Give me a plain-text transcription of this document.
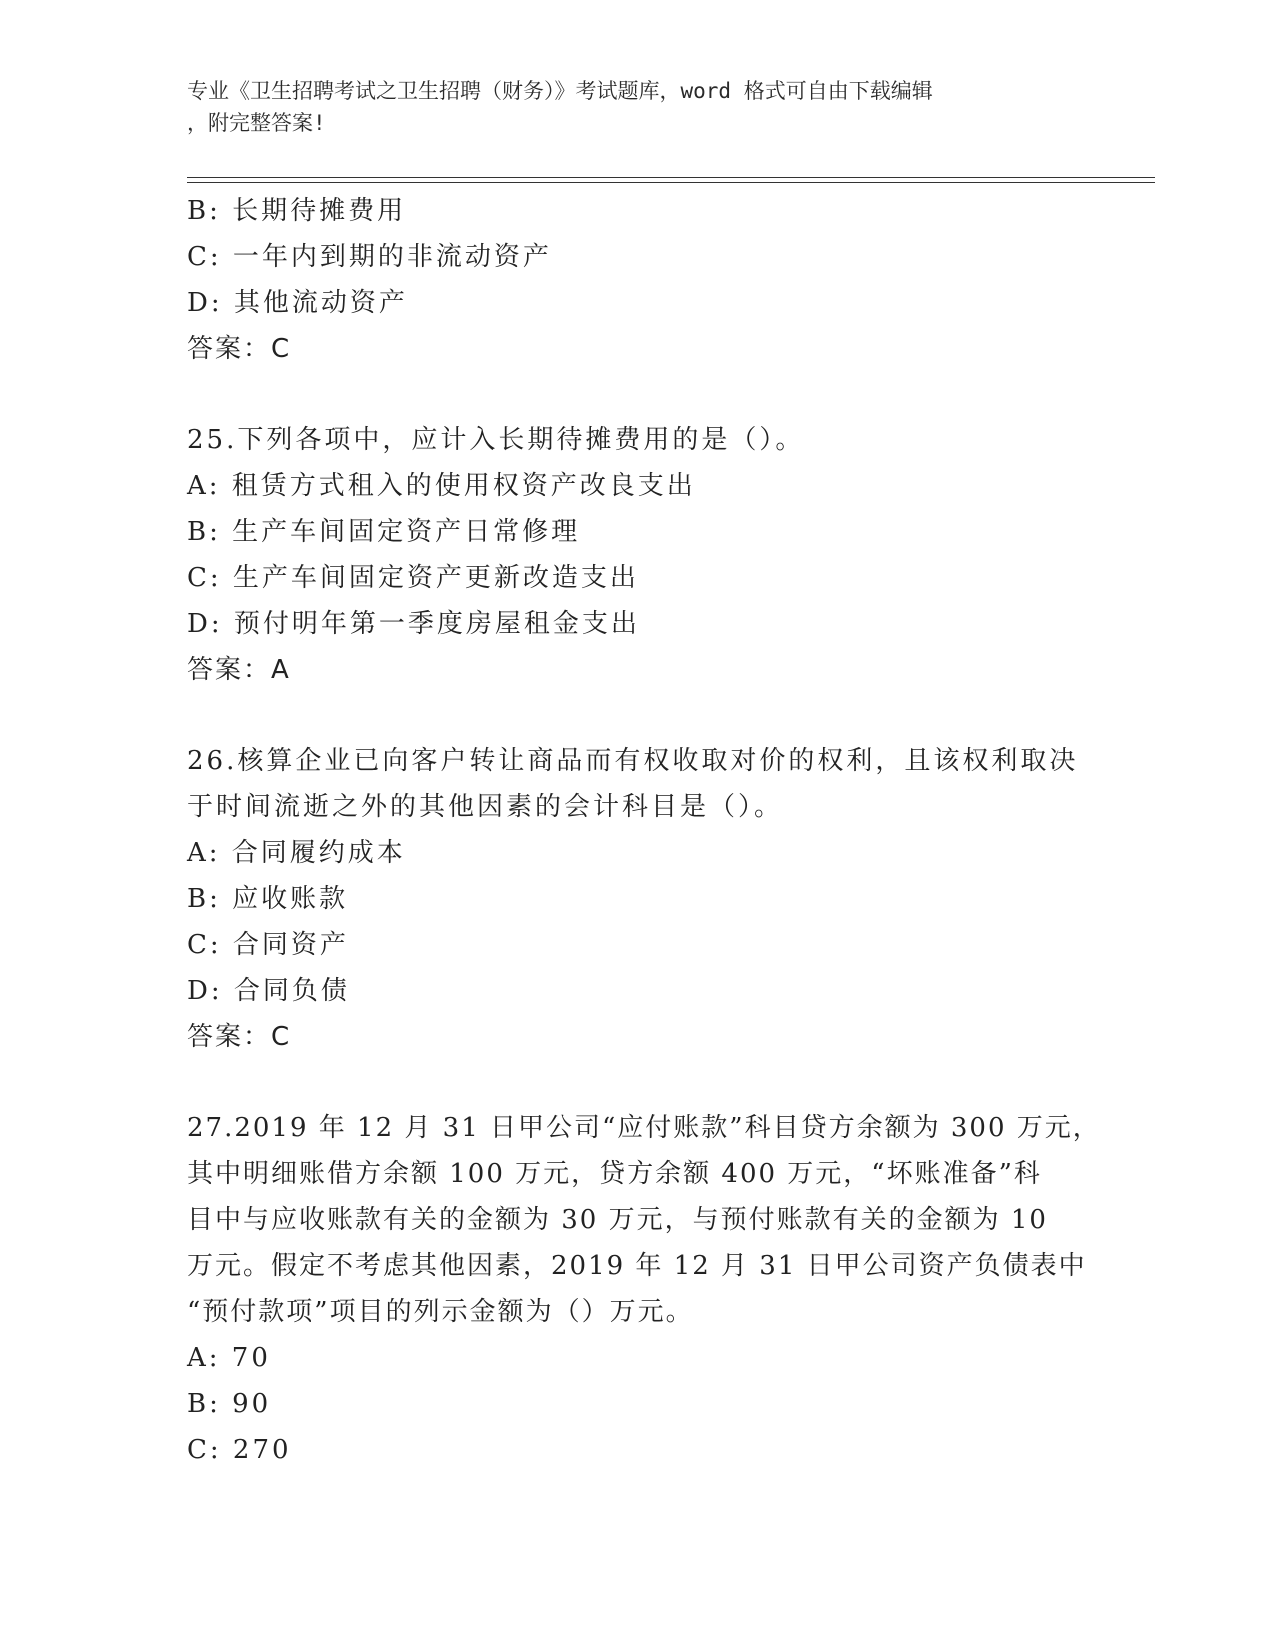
专业《卫生招聘考试之卫生招聘（财务）》考试题库，word 格式可自由下载编辑
，附完整答案!
B: 长期待摊费用
C: 一年内到期的非流动资产
D: 其他流动资产
答案：C
25.下列各项中，应计入长期待摊费用的是（）。
A: 租赁方式租入的使用权资产改良支出
B: 生产车间固定资产日常修理
C: 生产车间固定资产更新改造支出
D: 预付明年第一季度房屋租金支出
答案：A
26.核算企业已向客户转让商品而有权收取对价的权利，且该权利取决
于时间流逝之外的其他因素的会计科目是（）。
A: 合同履约成本
B: 应收账款
C: 合同资产
D: 合同负债
答案：C
27.2019 年 12 月 31 日甲公司“应付账款”科目贷方余额为 300 万元，
其中明细账借方余额 100 万元，贷方余额 400 万元，“坏账准备”科
目中与应收账款有关的金额为 30 万元，与预付账款有关的金额为 10
万元。假定不考虑其他因素，2019 年 12 月 31 日甲公司资产负债表中
“预付款项”项目的列示金额为（）万元。
A: 70
B: 90
C: 270
